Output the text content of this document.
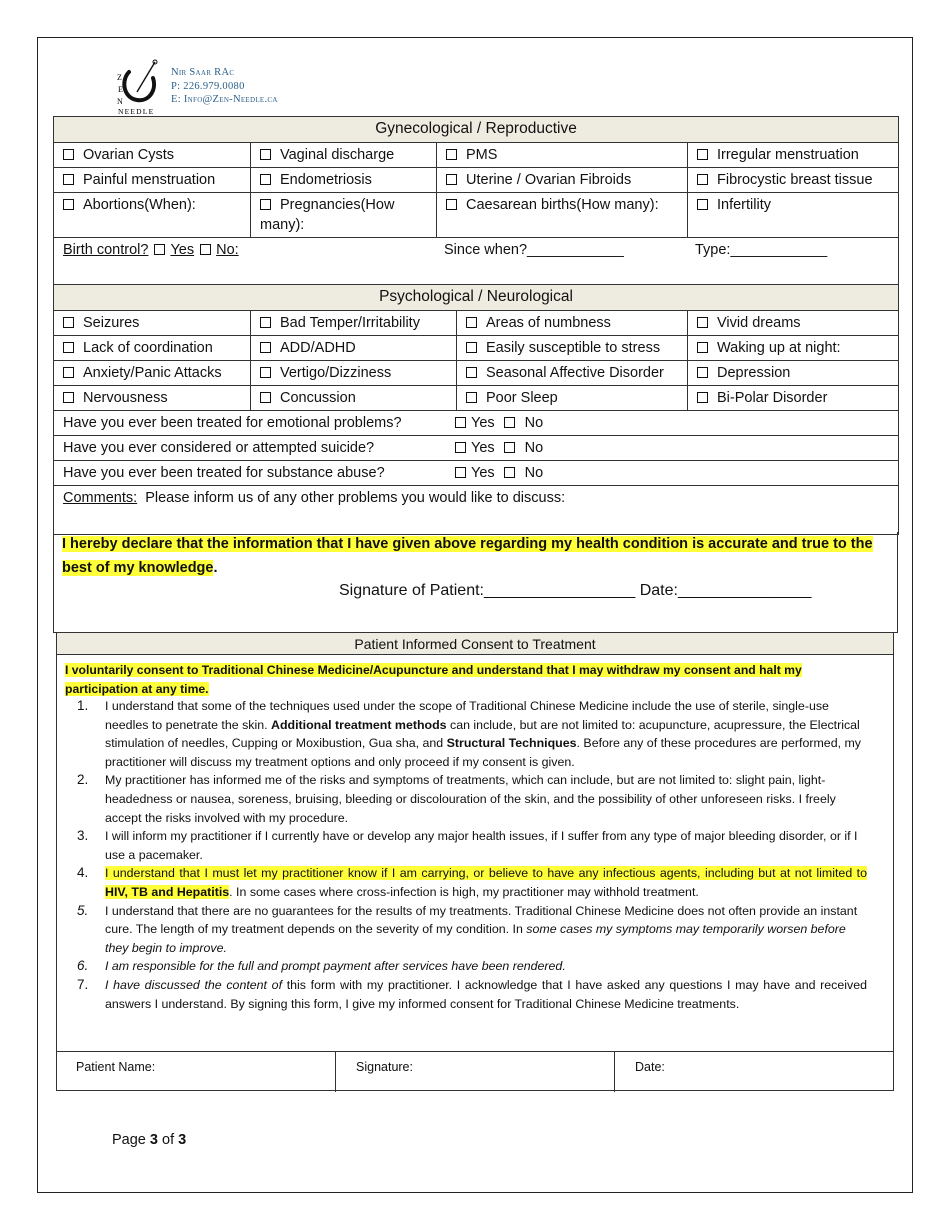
Z
E
N
NEEDLE
Nir Saar RAc
P: 226.979.0080
E: Info@Zen-Needle.ca
Gynecological / Reproductive			
Ovarian Cysts	Vaginal discharge	PMS	Irregular menstruation
Painful menstruation	Endometriosis	Uterine / Ovarian Fibroids	Fibrocystic breast tissue
Abortions(When):	Pregnancies(How many):	Caesarean births(How many):	Infertility
Birth control? Yes No: Since when?____________ Type:____________			
Psychological / Neurological			
Seizures	Bad Temper/Irritability	Areas of numbness	Vivid dreams
Lack of coordination	ADD/ADHD	Easily susceptible to stress	Waking up at night:
Anxiety/Panic Attacks	Vertigo/Dizziness	Seasonal Affective Disorder	Depression
Nervousness	Concussion	Poor Sleep	Bi-Polar Disorder
Have you ever been treated for emotional problems? Yes No			
Have you ever considered or attempted suicide? Yes No			
Have you ever been treated for substance abuse? Yes No			
Comments: Please inform us of any other problems you would like to discuss:			
I hereby declare that the information that I have given above regarding my health condition is accurate and true to the best of my knowledge.
Signature of Patient:_________________ Date:_______________
Patient Informed Consent to Treatment
I voluntarily consent to Traditional Chinese Medicine/Acupuncture and understand that I may withdraw my consent and halt my participation at any time.
1.	I understand that some of the techniques used under the scope of Traditional Chinese Medicine include the use of sterile, single-use needles to penetrate the skin. Additional treatment methods can include, but are not limited to: acupuncture, acupressure, the Electrical stimulation of needles, Cupping or Moxibustion, Gua sha, and Structural Techniques. Before any of these procedures are performed, my practitioner will discuss my treatment options and only proceed if my consent is given.
2.	My practitioner has informed me of the risks and symptoms of treatments, which can include, but are not limited to: slight pain, light-headedness or nausea, soreness, bruising, bleeding or discolouration of the skin, and the possibility of other unforeseen risks. I freely accept the risks involved with my procedure.
3.	I will inform my practitioner if I currently have or develop any major health issues, if I suffer from any type of major bleeding disorder, or if I use a pacemaker.
4.	I understand that I must let my practitioner know if I am carrying, or believe to have any infectious agents, including but at not limited to HIV, TB and Hepatitis. In some cases where cross-infection is high, my practitioner may withhold treatment.
5.	I understand that there are no guarantees for the results of my treatments. Traditional Chinese Medicine does not often provide an instant cure. The length of my treatment depends on the severity of my condition. In some cases my symptoms may temporarily worsen before they begin to improve.
6.	I am responsible for the full and prompt payment after services have been rendered.
7.	I have discussed the content of this form with my practitioner. I acknowledge that I have asked any questions I may have and received answers I understand. By signing this form, I give my informed consent for Traditional Chinese Medicine treatments.
Patient Name:	Signature:	Date:
Page 3 of 3
